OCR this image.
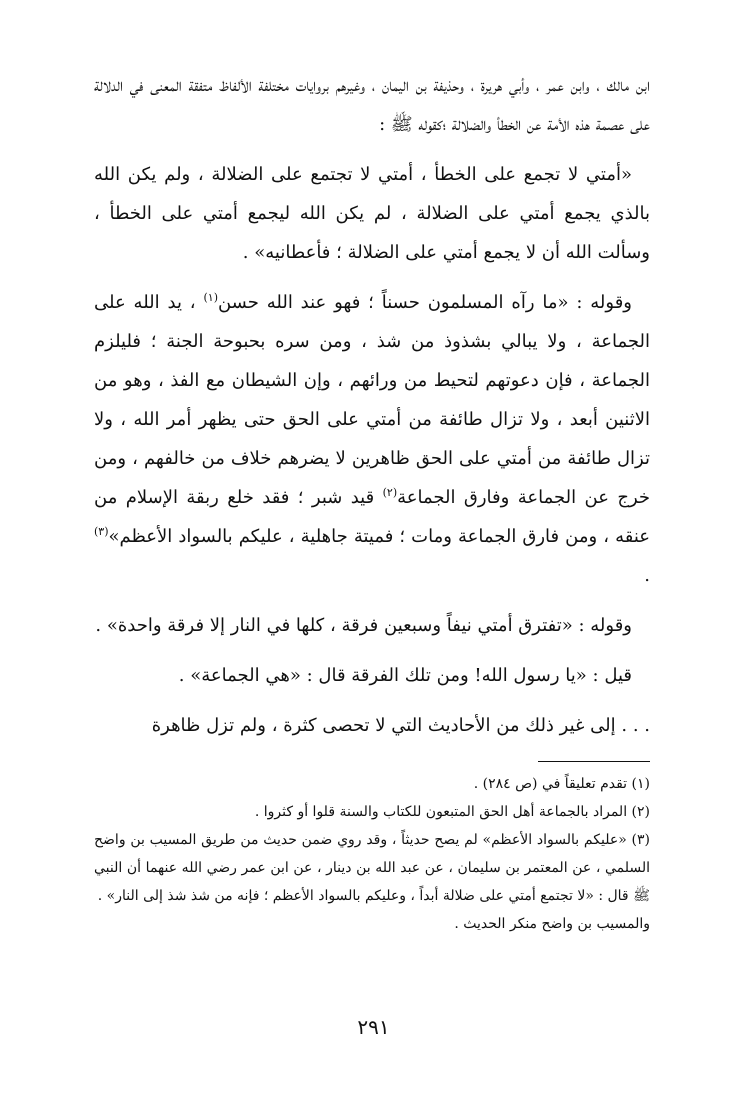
ابن مالك ، وابن عمر ، وأبي هريرة ، وحذيفة بن اليمان ، وغيرهم بروايات مختلفة الألفاظ متفقة المعنى في الدلالة على عصمة هذه الأمة عن الخطأ والضلالة ؛كقوله ﷺ :

«أمتي لا تجمع على الخطأ ، أمتي لا تجتمع على الضلالة ، ولم يكن الله بالذي يجمع أمتي على الضلالة ، لم يكن الله ليجمع أمتي على الخطأ ، وسألت الله أن لا يجمع أمتي على الضلالة ؛ فأعطانيه» .

وقوله : «ما رآه المسلمون حسناً ؛ فهو عند الله حسن$^{(١)}$ ، يد الله على الجماعة ، ولا يبالي بشذوذ من شذ ، ومن سره بحبوحة الجنة ؛ فليلزم الجماعة ، فإن دعوتهم لتحيط من ورائهم ، وإن الشيطان مع الفذ ، وهو من الاثنين أبعد ، ولا تزال طائفة من أمتي على الحق حتى يظهر أمر الله ، ولا تزال طائفة من أمتي على الحق ظاهرين لا يضرهم خلاف من خالفهم ، ومن خرج عن الجماعة وفارق الجماعة$^{(٢)}$ قيد شبر ؛ فقد خلع ربقة الإسلام من عنقه ، ومن فارق الجماعة ومات ؛ فميتة جاهلية ، عليكم بالسواد الأعظم»$^{(٣)}$ .

وقوله : «تفترق أمتي نيفاً وسبعين فرقة ، كلها في النار إلا فرقة واحدة» .

قيل : «يا رسول الله! ومن تلك الفرقة قال : «هي الجماعة» .

. . . إلى غير ذلك من الأحاديث التي لا تحصى كثرة ، ولم تزل ظاهرة

(١) تقدم تعليقاً في (ص ٢٨٤) .

(٢) المراد بالجماعة أهل الحق المتبعون للكتاب والسنة قلوا أو كثروا .

(٣) «عليكم بالسواد الأعظم» لم يصح حديثاً ، وقد روي ضمن حديث من طريق المسيب بن واضح السلمي ، عن المعتمر بن سليمان ، عن عبد الله بن دينار ، عن ابن عمر رضي الله عنهما أن النبي ﷺ قال : «لا تجتمع أمتي على ضلالة أبداً ، وعليكم بالسواد الأعظم ؛ فإنه من شذ شذ إلى النار» .

والمسيب بن واضح منكر الحديث .

٢٩١
